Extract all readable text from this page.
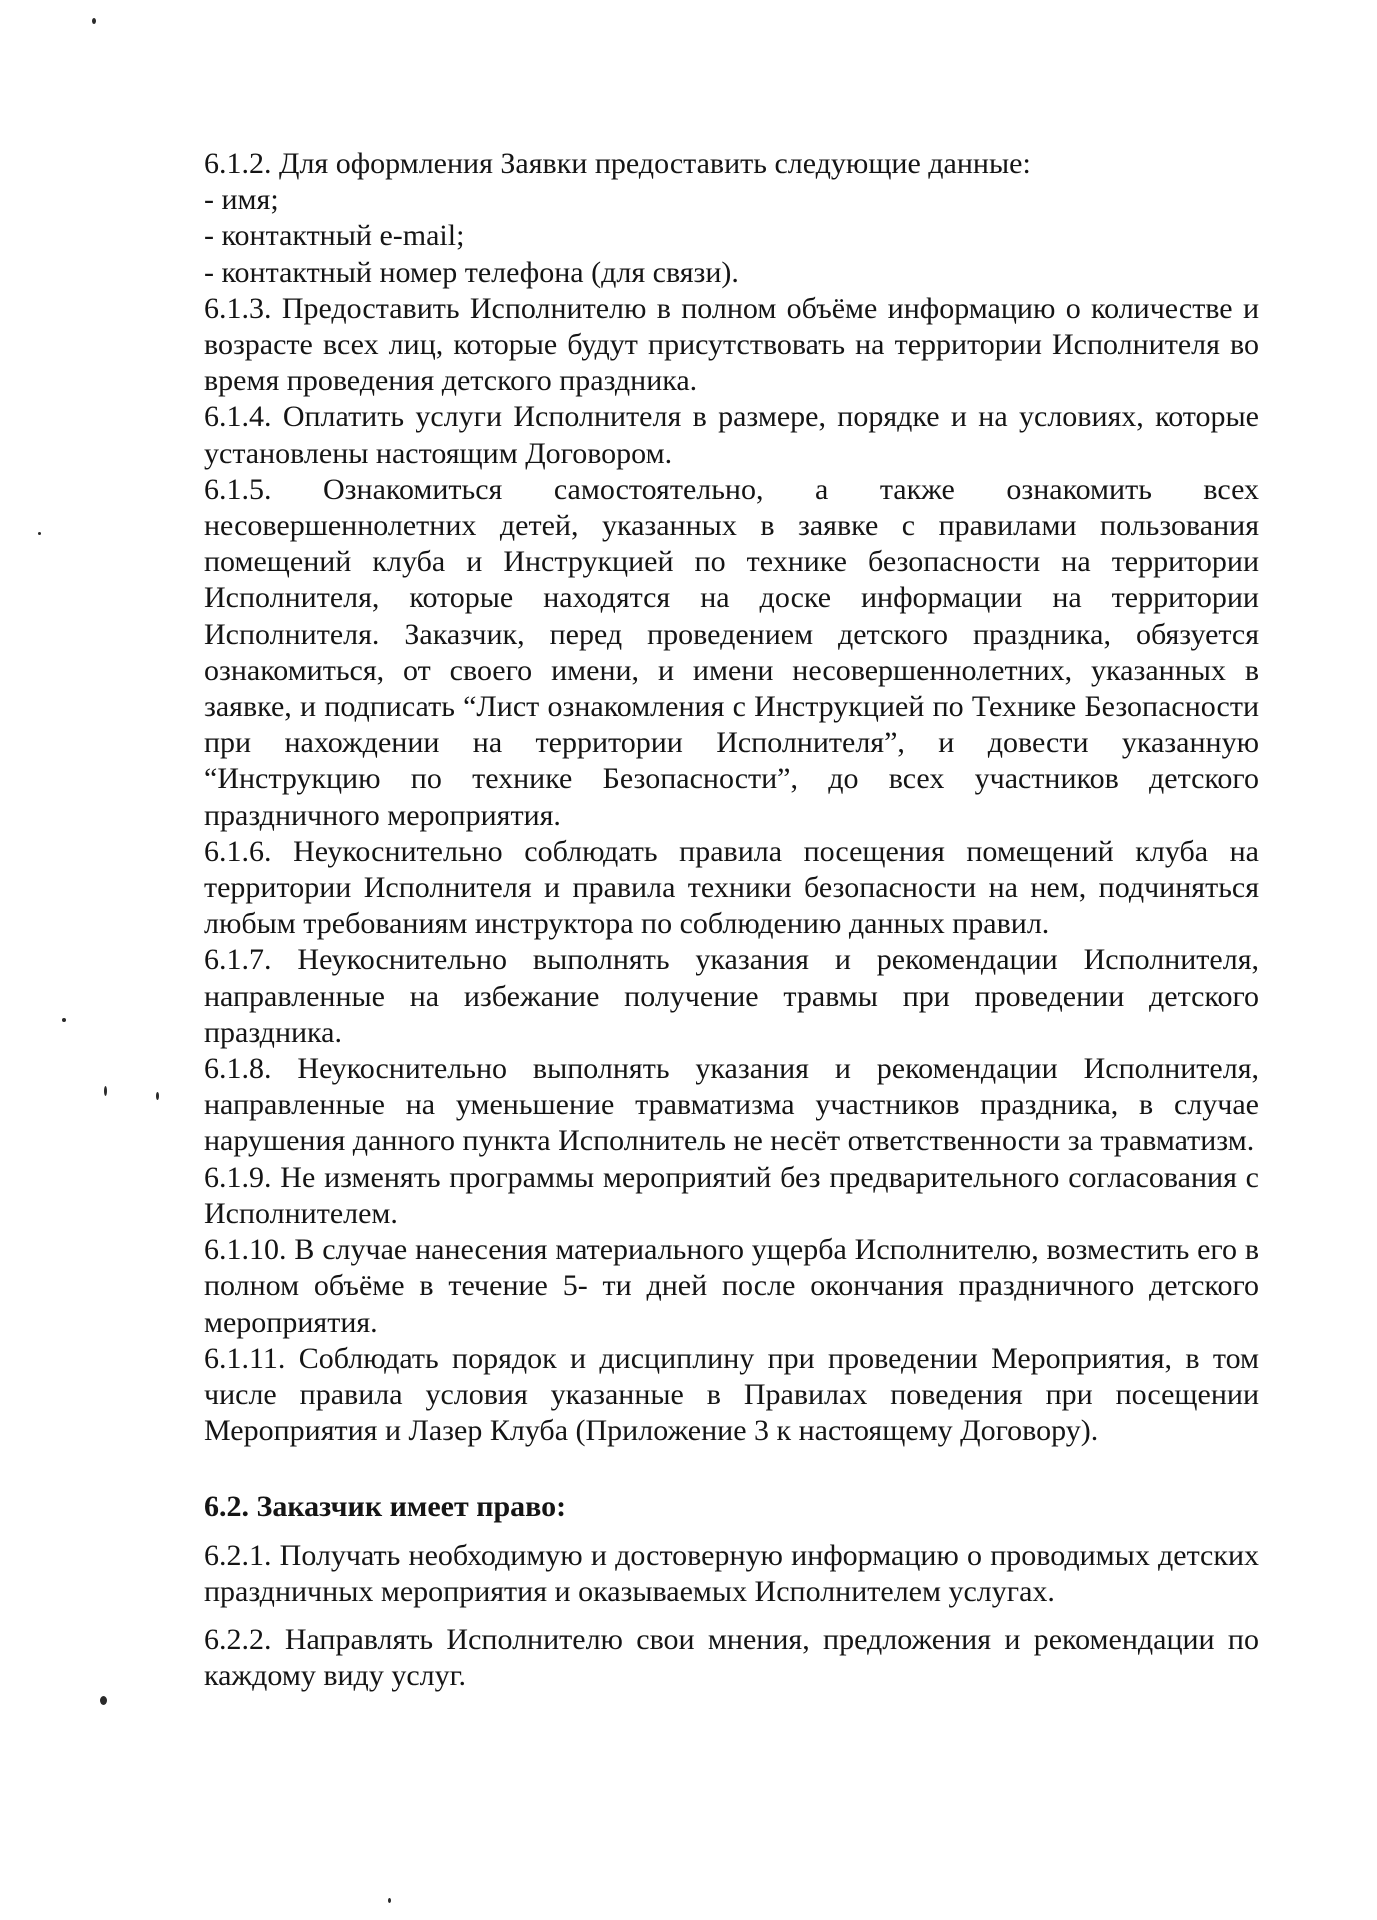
6.1.2. Для оформления Заявки предоставить следующие данные:

- имя;

- контактный e-mail;

- контактный номер телефона (для связи).

6.1.3. Предоставить Исполнителю в полном объёме информацию о количестве и возрасте всех лиц, которые будут присутствовать на территории Исполнителя во время проведения детского праздника.

6.1.4. Оплатить услуги Исполнителя в размере, порядке и на условиях, которые установлены настоящим Договором.

6.1.5. Ознакомиться самостоятельно, а также ознакомить всех несовершеннолетних детей, указанных в заявке с правилами пользования помещений клуба и Инструкцией по технике безопасности на территории Исполнителя, которые находятся на доске информации на территории Исполнителя. Заказчик, перед проведением детского праздника, обязуется ознакомиться, от своего имени, и имени несовершеннолетних, указанных в заявке, и подписать “Лист ознакомления с Инструкцией по Технике Безопасности при нахождении на территории Исполнителя”, и довести указанную “Инструкцию по технике Безопасности”, до всех участников детского праздничного мероприятия.

6.1.6. Неукоснительно соблюдать правила посещения помещений клуба на территории Исполнителя и правила техники безопасности на нем, подчиняться любым требованиям инструктора по соблюдению данных правил.

6.1.7. Неукоснительно выполнять указания и рекомендации Исполнителя, направленные на избежание получение травмы при проведении детского праздника.

6.1.8. Неукоснительно выполнять указания и рекомендации Исполнителя, направленные на уменьшение травматизма участников праздника, в случае нарушения данного пункта Исполнитель не несёт ответственности за травматизм.

6.1.9. Не изменять программы мероприятий без предварительного согласования с Исполнителем.

6.1.10. В случае нанесения материального ущерба Исполнителю, возместить его в полном объёме в течение 5- ти дней после окончания праздничного детского мероприятия.

6.1.11. Соблюдать порядок и дисциплину при проведении Мероприятия, в том числе правила условия указанные в Правилах поведения при посещении Мероприятия и Лазер Клуба (Приложение 3 к настоящему Договору).

6.2. Заказчик имеет право:

6.2.1. Получать необходимую и достоверную информацию о проводимых детских праздничных мероприятия и оказываемых Исполнителем услугах.

6.2.2. Направлять Исполнителю свои мнения, предложения и рекомендации по каждому виду услуг.
